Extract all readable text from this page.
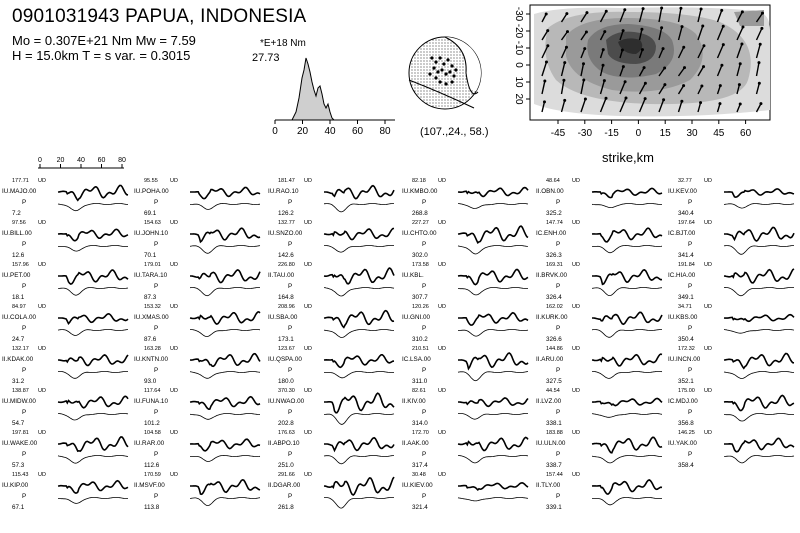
0901031943 PAPUA, INDONESIA
Mo = 0.307E+21 Nm Mw = 7.59
H = 15.0km T = s var. = 0.3015
*E+18 Nm
27.73
(107.,24., 58.)
strike,km
0 20 40 60 80	-45 -30 -15 0 15 30 45 60
-30
-20
-10
0
10
20
0 20 40 60 80
177.71 UD
IU.MAJO.00
P
7.2
97.56 UD
IU.BILL.00
P
12.6
157.96 UD
IU.PET.00
P
18.1
84.97 UD
IU.COLA.00
P
24.7
132.17 UD
II.KDAK.00
P
31.2
138.87 UD
IU.MIDW.00
P
54.7
197.81 UD
IU.WAKE.00
P
57.3
115.43 UD
IU.KIP.00
P
67.1
95.55 UD
IU.POHA.00
P
69.1
154.63 UD
IU.JOHN.10
P
70.1
179.01 UD
IU.TARA.10
P
87.3
153.32 UD
IU.XMAS.00
P
87.6
163.28 UD
IU.KNTN.00
P
93.0
117.64 UD
IU.FUNA.10
P
101.2
104.58 UD
IU.RAR.00
P
112.6
170.59 UD
II.MSVF.00
P
113.8
181.47 UD
IU.RAO.10
P
126.2
132.77 UD
IU.SNZO.00
P
142.6
226.80 UD
II.TAU.00
P
164.8
208.96 UD
IU.SBA.00
P
173.1
123.67 UD
IU.QSPA.00
P
180.0
370.30 UD
IU.NWAO.00
P
202.8
176.63 UD
II.ABPO.10
P
251.0
291.66 UD
II.DGAR.00
P
261.8
82.18 UD
IU.KMBO.00
P
268.8
227.27 UD
IU.CHTO.00
P
302.0
173.58 UD
IU.KBL.
P
307.7
120.26 UD
IU.GNI.00
P
310.2
210.51 UD
IC.LSA.00
P
311.0
82.61 UD
II.KIV.00
P
314.0
172.70 UD
II.AAK.00
P
317.4
30.48 UD
IU.KIEV.00
P
321.4
48.64 UD
II.OBN.00
P
325.2
147.74 UD
IC.ENH.00
P
326.3
169.31 UD
II.BRVK.00
P
326.4
162.02 UD
II.KURK.00
P
326.6
144.86 UD
II.ARU.00
P
327.5
44.54 UD
II.LVZ.00
P
338.1
183.88 UD
IU.ULN.00
P
338.7
157.44 UD
II.TLY.00
P
339.1
32.77 UD
IU.KEV.00
P
340.4
197.64 UD
IC.BJT.00
P
341.4
191.84 UD
IC.HIA.00
P
349.1
34.71 UD
IU.KBS.00
P
350.4
172.32 UD
IU.INCN.00
P
352.1
175.00 UD
IC.MDJ.00
P
356.8
146.25 UD
IU.YAK.00
P
358.4
